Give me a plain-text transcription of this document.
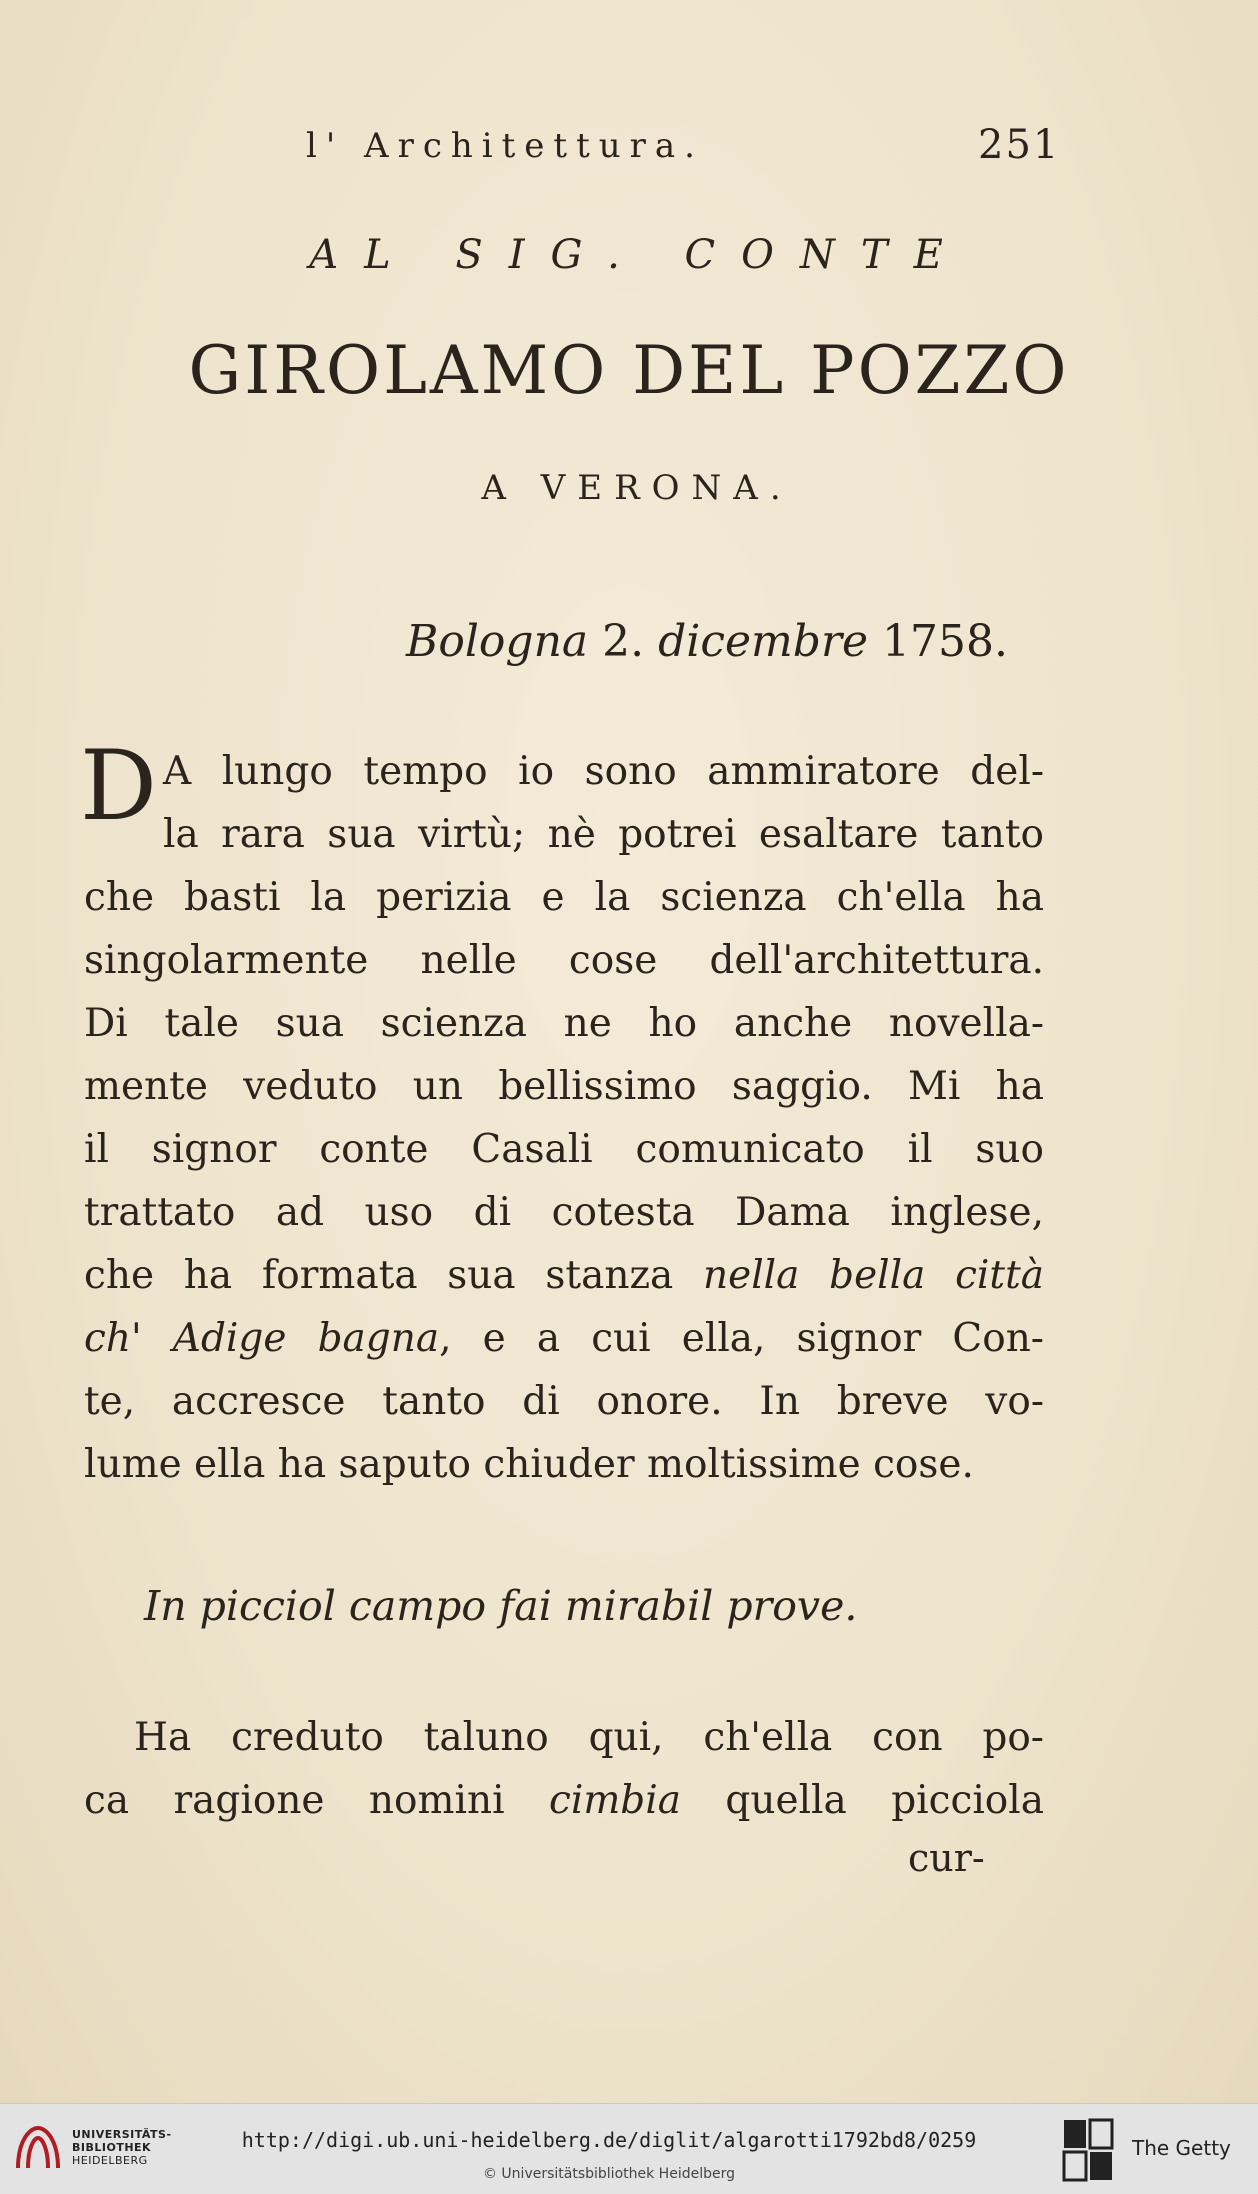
l' Architettura.	251
AL SIG. CONTE
GIROLAMO DEL POZZO
A VERONA.
Bologna 2. dicembre 1758.
D A lungo tempo io sono ammiratore del-
la rara sua virtù; nè potrei esaltare tanto
che basti la perizia e la scienza ch'ella ha
singolarmente nelle cose dell'architettura.
Di tale sua scienza ne ho anche novella-
mente veduto un bellissimo saggio. Mi ha
il signor conte Casali comunicato il suo
trattato ad uso di cotesta Dama inglese,
che ha formata sua stanza nella bella città
ch' Adige bagna, e a cui ella, signor Con-
te, accresce tanto di onore. In breve vo-
lume ella ha saputo chiuder moltissime cose.
In picciol campo fai mirabil prove.
Ha creduto taluno qui, ch'ella con po-
ca ragione nomini cimbia quella picciola
cur-
UNIVERSITÄTS-
BIBLIOTHEK
HEIDELBERG
http://digi.ub.uni-heidelberg.de/diglit/algarotti1792bd8/0259
© Universitätsbibliothek Heidelberg
The Getty
